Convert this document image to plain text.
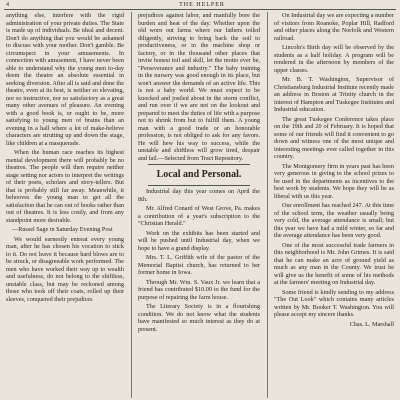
4	THE HELPER

anything else, interfere with the rigid administration of your private duties. The State is made up of individuals. Be ideal and decent. Don't do anything that you would be ashamed to discuss with your mother. Don't gamble. Be circumspect in your amusements. In connection with amusement, I have never been able to understand why the young men to-day deem the theatre an absolute essential in seeking diversion. After all is said and done the theatre, even at its best, is neither so elevating, nor so instructive, nor so satisfactory as a great many other avenues of pleasure. An evening with a good book is, or ought to be, more satisfying to young men of brains than an evening in a hall where a lot of make-believe characters are strutting up and down the stage, like children at a masquerade.

When the human race reaches its highest mental development there will probably be no theatres. The people will then require neither stage setting nor actors to interpret the writings of their poets, scholars and story-tellers. But that is probably still far away. Meanwhile, it behooves the young man to get all the satisfaction that he can out of books rather than out of theatres. It is less costly, and from any standpoint more desirable.

—Russel Sage in Saturday Evening Post

We would earnestly entreat every young man, after he has chosen his vocation to stick to it. Do not leave it because hard blows are to be struck, or disagreeable work performed. The men who have worked their way up to wealth and usefulness, do not belong to the shiftless, unstable class, but may be reckoned among those who took off their coats, rolled up their sleeves, conquered their prejudices

prejudices against labor, and manfully bore the burden and heat of the day. Whether upon the old worn out farms where our fathers toiled diligently, striving to bring back the soil to productiveness, or in the machine shop or factory, or in the thousand other places that invite honest toil and skill, let the motto ever be, "Perseverance and industry." The baby training in the nursery was good enough in its place, but won't answer the demands of an active life. This is not a baby world. We must expect to be knocked and jostled about in the storm conflict, and run over if we are not on the lookout and prepared to meet the duties of life with a purpose not to shrink from but to fulfill them. A young man with a good trade or an honorable profession, is not obliged to ask for any favors. He will hew his way to success, while the unstable and shiftless will grow tired, despair and fail.—Selected from Tract Repository.

Local and Personal.

Industrial day this year comes on April the 8th.

Mr. Alfred Conard of West Grove, Pa. makes a contribution of a year's subscription to the "Christian Herald."

Work on the exhibits has been started and will be pushed until Industrial day, when we hope to have a grand display.

Mrs. T. L. Griffith wife of the pastor of the Memorial Baptist church, has returned to her former home in Iowa.

Through Mr. Wm. S. Vaux Jr. we learn that a friend has contributed $10.00 to the fund for the purpose of repairing the farm house.

The Literary Society is in a flourishing condition. We do not know what the students have manifested so much interest as they do at present.

On Industrial day we are expecting a number of visitors from Roanoke, Poplar Hill, Radford and other places along the Norfolk and Western railroad.

Lincoln's Birth day will be observed by the students as a half holiday. A program will be rendered in the afternoon by members of the upper classes.

Mr. B. T. Washington, Supervisor of Christiansburg Industrial Institute recently made an address in Boston at Trinity church in the interest of Hampton and Tuskegee Institutes and Industrial education.

The great Tuskegee Conference takes place on the 19th and 20 of February. It is hoped that some of our friends will find it convenient to go down and witness one of the most unique and interesting meetings ever called together in this country.

The Montgomery firm in years past has been very generous in giving to the school prizes to be used in the departments as incentives to the best work by students. We hope they will be as liberal with us this year.

Our enrollment has reached 247. At this time of the school term, the weather usually being very cold, the average attendance is small; but this year we have had a mild winter, so far and the average attendance has been very good.

One of the most successful trade farmers in this neighborhood is Mr. John Grimes. It is said that he can make an acre of ground yield as much as any man in the County. We trust he will give us the benefit of some of his methods at the farmers' meeting on Industrial day.

Some friend is kindly sending to my address "The Out Look" which contains many articles written by Mr. Booker T. Washington. You will please accept my sincere thanks.

Chas. L. Marshall
